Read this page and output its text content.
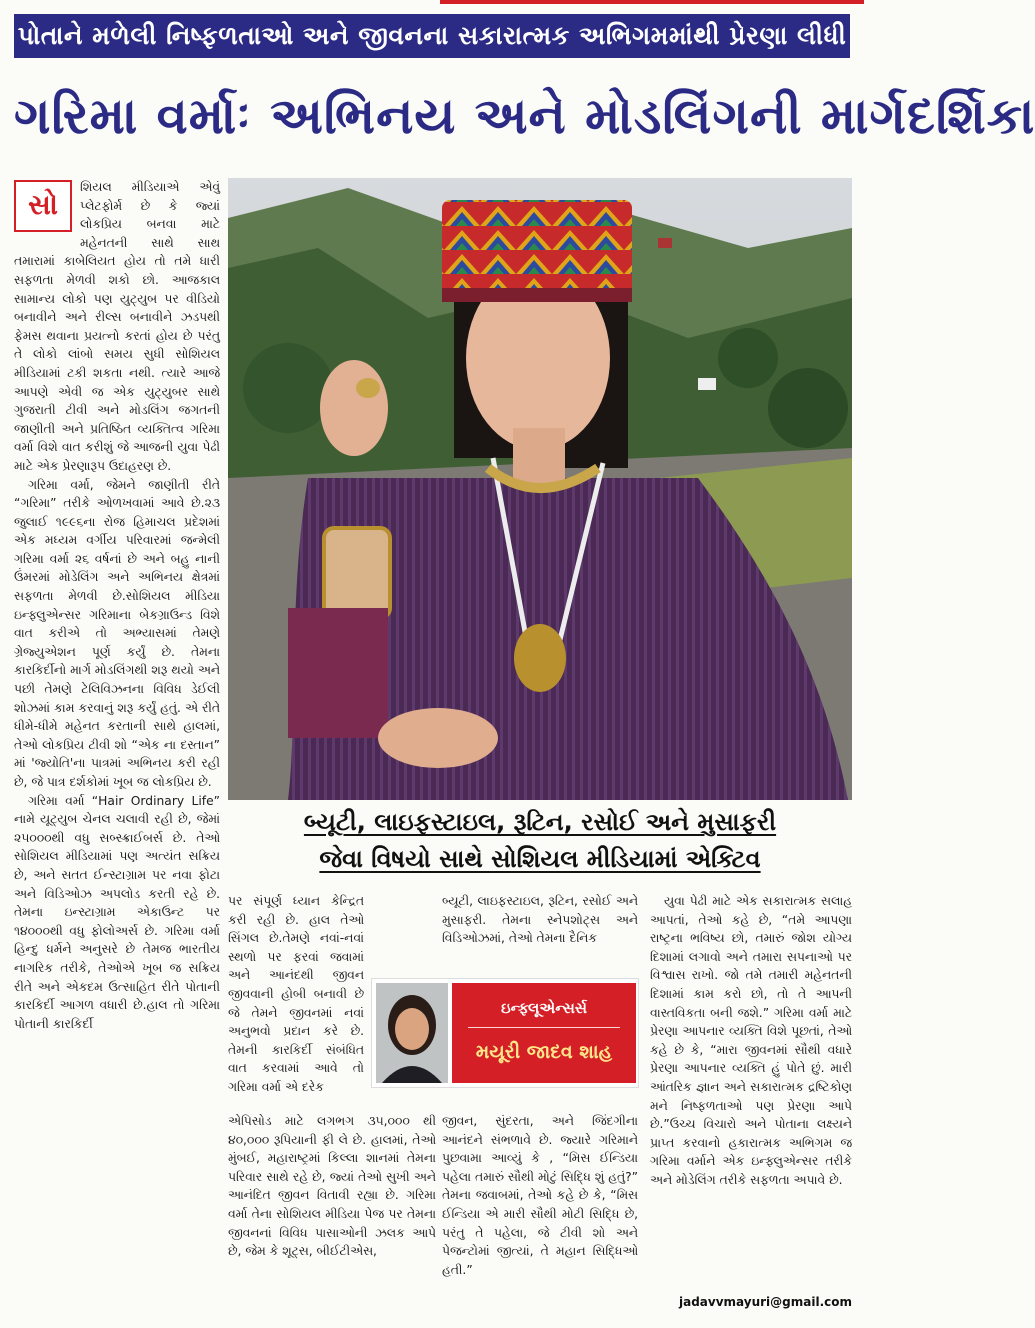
પોતાને મળેલી નિષ્ફળતાઓ અને જીવનના સકારાત્મક અભિગમમાંથી પ્રેરણા લીધી
ગરિમા વર્માઃ અભિનય અને મોડલિંગની માર્ગદર્શિકા

સો
શિયલ મીડિયાએ એવું પ્લેટફોર્મ છે કે જ્યાં લોકપ્રિય બનવા માટે મહેનતની સાથે સાથ તમારામાં કાબેલિયત હોય તો તમે ધારી સફળતા મેળવી શકો છો. આજકાલ સામાન્ય લોકો પણ યુટ્યુબ પર વીડિયો બનાવીને અને રીલ્સ બનાવીને ઝડપથી ફેમસ થવાના પ્રયત્નો કરતાં હોય છે પરંતુ તે લોકો લાંબો સમય સુધી સોશિયલ મીડિયામાં ટકી શકતા નથી. ત્યારે આજે આપણે એવી જ એક યુટ્યુબર સાથે ગુજરાતી ટીવી અને મોડલિંગ જગતની જાણીતી અને પ્રતિષ્ઠિત વ્યક્તિત્વ ગરિમા વર્મા વિશે વાત કરીશું જે આજની યુવા પેઢી માટે એક પ્રેરણારૂપ ઉદાહરણ છે.

ગરિમા વર્મા, જેમને જાણીતી રીતે “ગરિમા” તરીકે ઓળખવામાં આવે છે.૨૩ જુલાઈ ૧૯૯૬ના રોજ હિમાચલ પ્રદેશમાં એક મધ્યમ વર્ગીય પરિવારમાં જન્મેલી ગરિમા વર્મા ૨૬ વર્ષનાં છે અને બહુ નાની ઉંમરમાં મોડેલિંગ અને અભિનય ક્ષેત્રમાં સફળતા મેળવી છે.સોશિયલ મીડિયા ઇન્ફ્લુએન્સર ગરિમાના બેકગ્રાઉન્ડ વિશે વાત કરીએ તો અભ્યાસમાં તેમણે ગ્રેજ્યુએશન પૂર્ણ કર્યું છે. તેમના કારકિર્દીનો માર્ગ મોડલિંગથી શરૂ થયો અને પછી તેમણે ટેલિવિઝનના વિવિધ ડેઈલી શોઝમાં કામ કરવાનું શરૂ કર્યું હતું. એ રીતે ધીમે-ધીમે મહેનત કરતાની સાથે હાલમાં, તેઓ લોકપ્રિય ટીવી શો “એક ના દસ્તાન” માં 'જ્યોતિ'ના પાત્રમાં અભિનય કરી રહી છે, જે પાત્ર દર્શકોમાં ખૂબ જ લોકપ્રિય છે.

ગરિમા વર્મા “Hair Ordinary Life” નામે યૂટ્યુબ ચેનલ ચલાવી રહી છે, જેમાં ૨૫૦૦૦થી વધુ સબ્સ્ક્રાઈબર્સ છે. તેઓ સોશિયલ મીડિયામાં પણ અત્યંત સક્રિય છે, અને સતત ઈન્સ્ટાગ્રામ પર નવા ફોટા અને વિડિઓઝ અપલોડ કરતી રહે છે. તેમના ઇન્સ્ટાગ્રામ એકાઉન્ટ પર ૧૪૦૦૦થી વધુ ફોલોઅર્સ છે. ગરિમા વર્મા હિન્દુ ધર્મને અનુસરે છે તેમજ ભારતીય નાગરિક તરીકે, તેઓએ ખૂબ જ સક્રિય રીતે અને એકદમ ઉત્સાહિત રીતે પોતાની કારકિર્દી આગળ વધારી છે.હાલ તો ગરિમા પોતાની કારકિર્દી

બ્યૂટી, લાઇફસ્ટાઇલ, રૂટિન, રસોઈ અને મુસાફરી
જેવા વિષયો સાથે સોશિયલ મીડિયામાં એક્ટિવ

પર સંપૂર્ણ ધ્યાન કેન્દ્રિત કરી રહી છે. હાલ તેઓ સિંગલ છે.તેમણે નવાં-નવાં સ્થળો પર ફરવાં જવામાં અને આનંદથી જીવન જીવવાની હોબી બનાવી છે જે તેમને જીવનમાં નવાં અનુભવો પ્રદાન કરે છે. તેમની કારકિર્દી સંબંધિત વાત કરવામાં આવે તો ગરિમા વર્મા એ દરેક

એપિસોડ માટે લગભગ ૩૫,૦૦૦ થી ૪૦,૦૦૦ રૂપિયાની ફી લે છે. હાલમાં, તેઓ મુંબઈ, મહારાષ્ટ્રમાં કિલ્લા શાનમાં તેમના પરિવાર સાથે રહે છે, જ્યાં તેઓ સુખી અને આનંદિત જીવન વિતાવી રહ્યા છે. ગરિમા વર્મા તેના સોશિયલ મીડિયા પેજ પર તેમના જીવનનાં વિવિધ પાસાઓની ઝલક આપે છે, જેમ કે શૂટ્સ, બીઈટીએસ,

ઇન્ફ્લૂએન્સર્સ
મયૂરી જાદવ શાહ

બ્યૂટી, લાઇફસ્ટાઇલ, રૂટિન, રસોઈ અને મુસાફરી. તેમના સ્નેપશોટ્સ અને વિડિઓઝમાં, તેઓ તેમના દૈનિક

જીવન, સુંદરતા, અને જિંદગીના આનંદને સંભળાવે છે. જ્યારે ગરિમાને પુછવામા આવ્યું કે , “મિસ ઈન્ડિયા પહેલા તમારું સૌથી મોટું સિદ્ધિ શું હતું?” તેમના જવાબમાં, તેઓ કહે છે કે, “મિસ ઈન્ડિયા એ મારી સૌથી મોટી સિદ્ધિ છે, પરંતુ તે પહેલા, જે ટીવી શો અને પેજન્ટોમાં જીત્યાં, તે મહાન સિદ્ધિઓ હતી.”

યુવા પેઢી માટે એક સકારાત્મક સલાહ આપતાં, તેઓ કહે છે, “તમે આપણા રાષ્ટ્રના ભવિષ્ય છો, તમારું જોશ યોગ્ય દિશામાં લગાવો અને તમારા સપનાઓ પર વિશ્વાસ રાખો. જો તમે તમારી મહેનતની દિશામાં કામ કરો છો, તો તે આપની વાસ્તવિકતા બની જશે.” ગરિમા વર્મા માટે પ્રેરણા આપનાર વ્યક્તિ વિશે પૂછતાં, તેઓ કહે છે કે, “મારા જીવનમાં સૌથી વધારે પ્રેરણા આપનાર વ્યક્તિ હું પોતે છું. મારી આંતરિક જ્ઞાન અને સકારાત્મક દ્રષ્ટિકોણ મને નિષ્ફળતાઓ પણ પ્રેરણા આપે છે.”ઉચ્ચ વિચારો અને પોતાના લક્ષ્યને પ્રાપ્ત કરવાનો હકારાત્મક અભિગમ જ ગરિમા વર્માને એક ઇન્ફ્લુએન્સર તરીકે અને મોડેલિંગ તરીકે સફળતા અપાવે છે.

jadavvmayuri@gmail.com
